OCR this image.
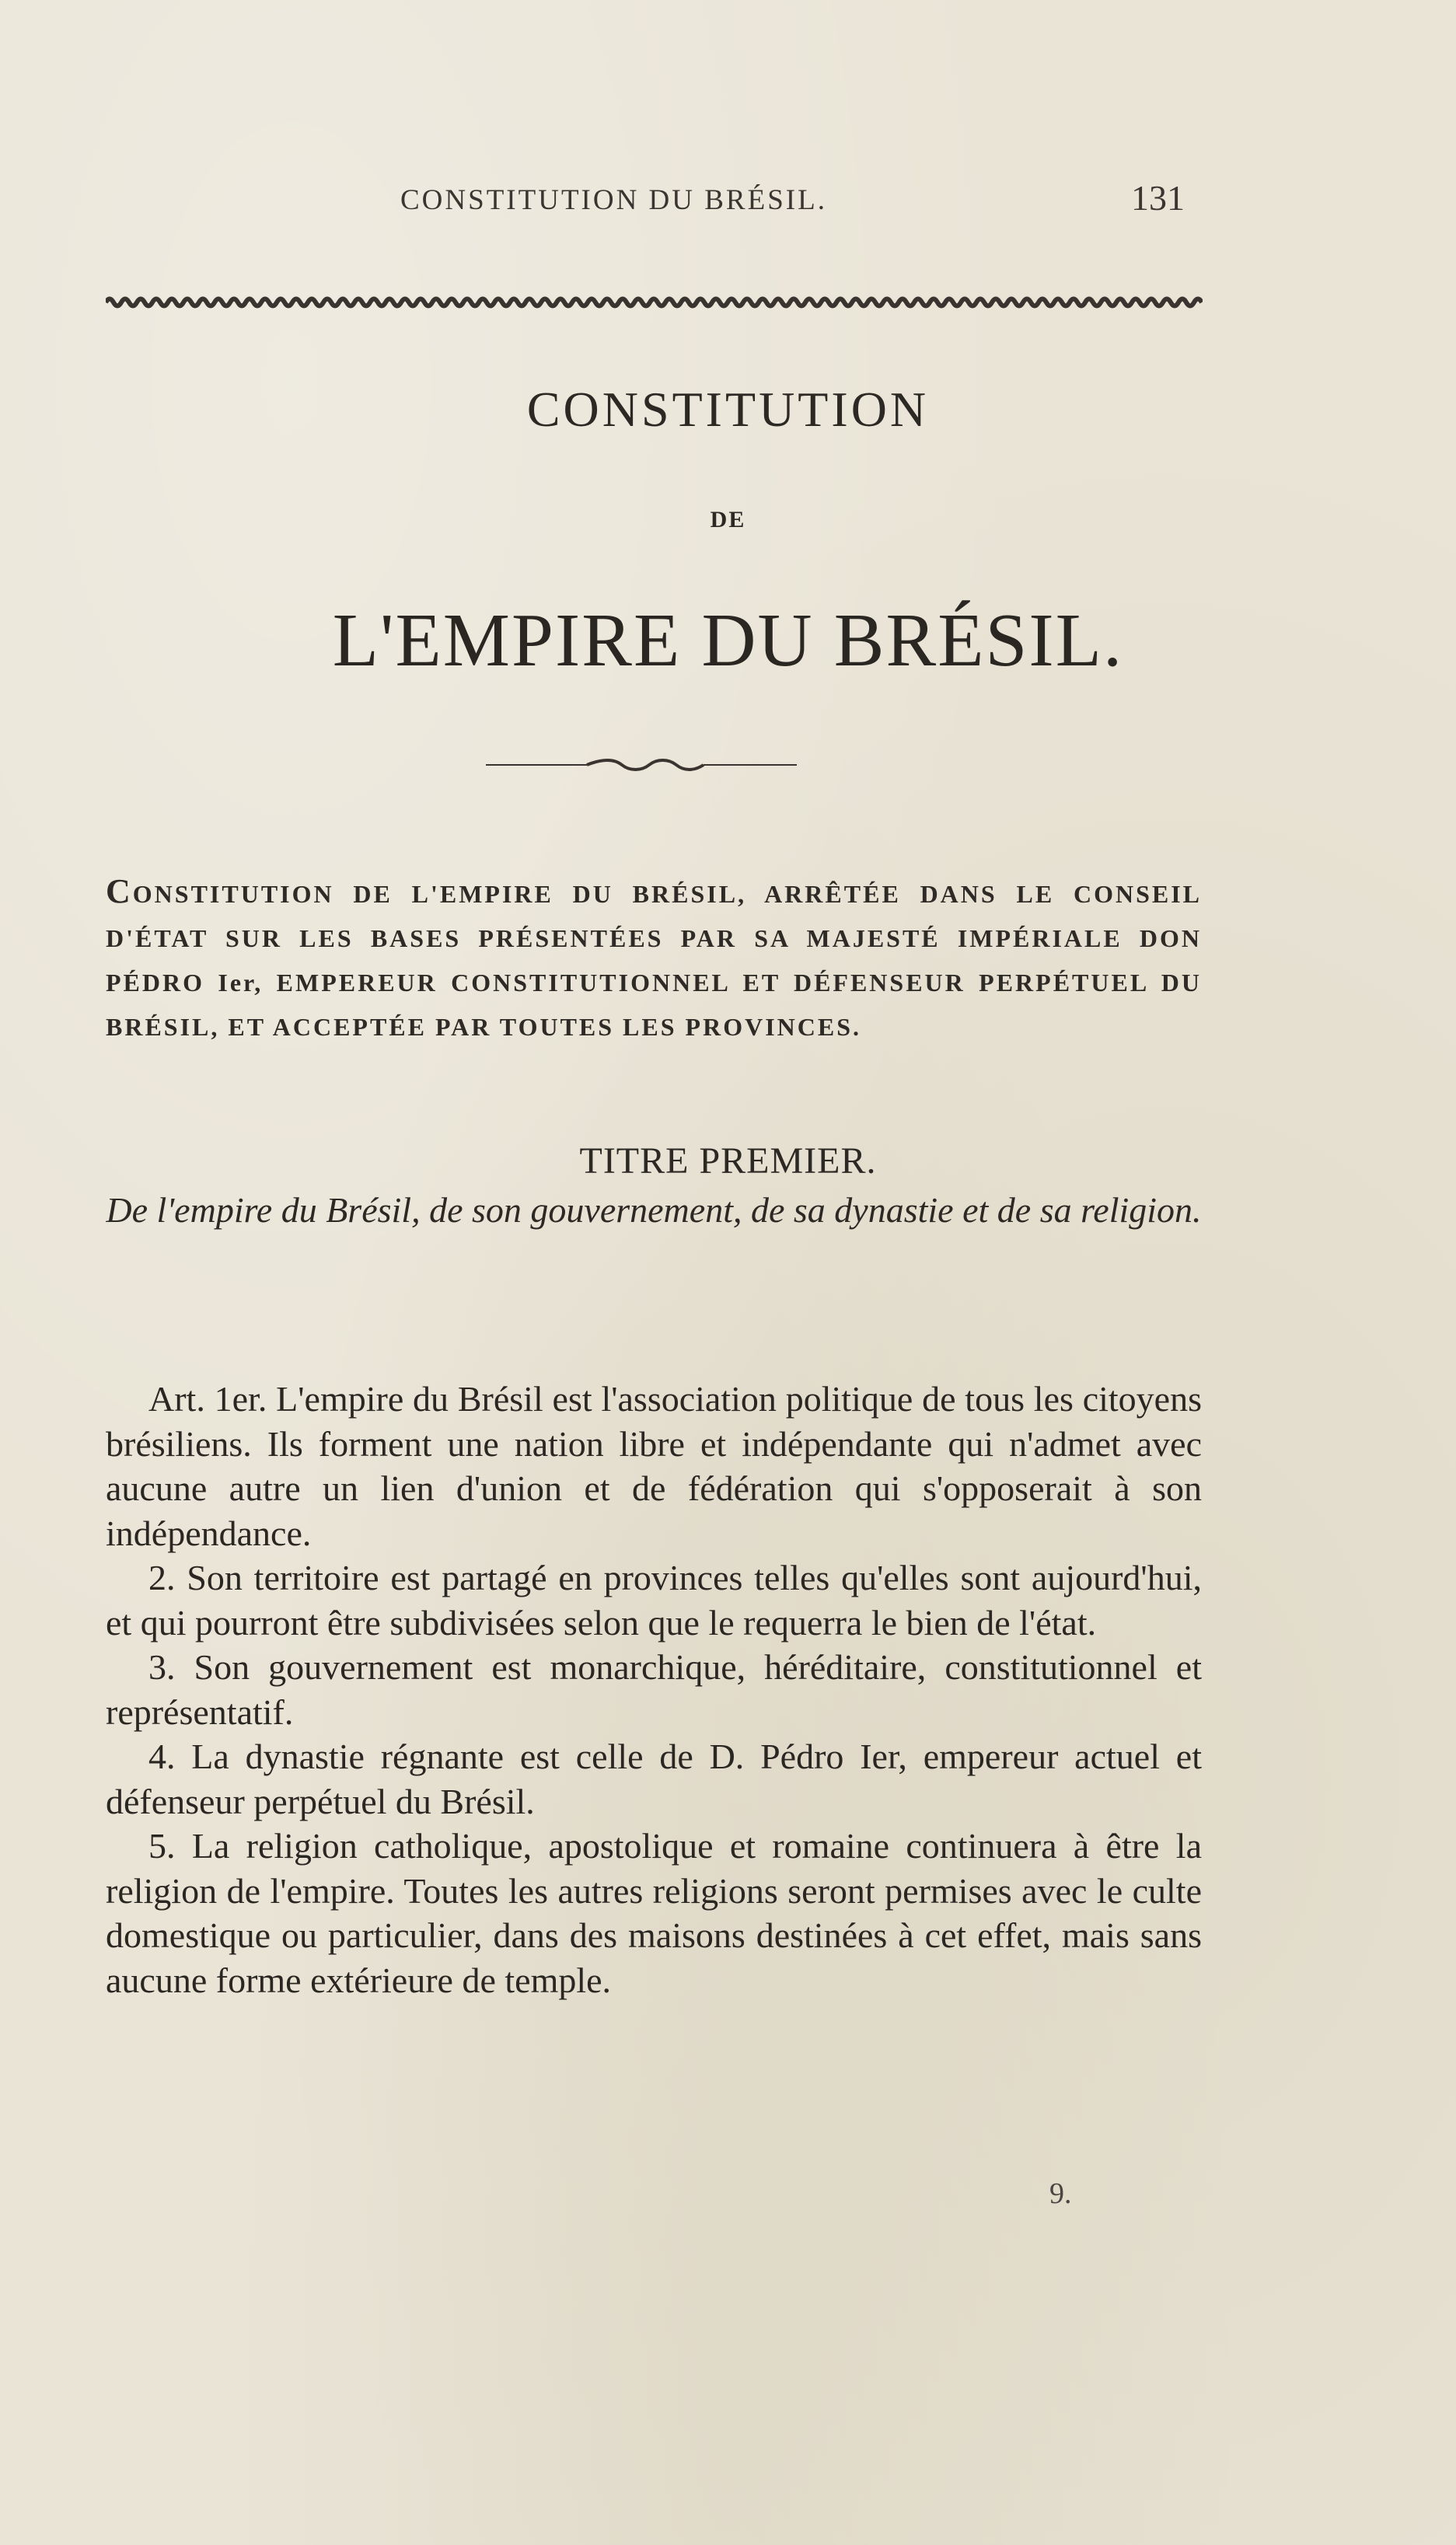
CONSTITUTION DU BRÉSIL.	131
CONSTITUTION
DE
L'EMPIRE DU BRÉSIL.
CONSTITUTION DE L'EMPIRE DU BRÉSIL, ARRÊTÉE DANS LE CONSEIL D'ÉTAT SUR LES BASES PRÉSENTÉES PAR SA MAJESTÉ IMPÉRIALE DON PÉDRO Ier, EMPEREUR CONSTITUTIONNEL ET DÉFENSEUR PERPÉTUEL DU BRÉSIL, ET ACCEPTÉE PAR TOUTES LES PROVINCES.
TITRE PREMIER.
De l'empire du Brésil, de son gouvernement, de sa dynastie et de sa religion.

Art. 1er. L'empire du Brésil est l'association politique de tous les citoyens brésiliens. Ils forment une nation libre et indépendante qui n'admet avec aucune autre un lien d'union et de fédération qui s'opposerait à son indépendance.

2. Son territoire est partagé en provinces telles qu'elles sont aujourd'hui, et qui pourront être subdivisées selon que le requerra le bien de l'état.

3. Son gouvernement est monarchique, héréditaire, constitutionnel et représentatif.

4. La dynastie régnante est celle de D. Pédro Ier, empereur actuel et défenseur perpétuel du Brésil.

5. La religion catholique, apostolique et romaine continuera à être la religion de l'empire. Toutes les autres religions seront permises avec le culte domestique ou particulier, dans des maisons destinées à cet effet, mais sans aucune forme extérieure de temple.

9.
